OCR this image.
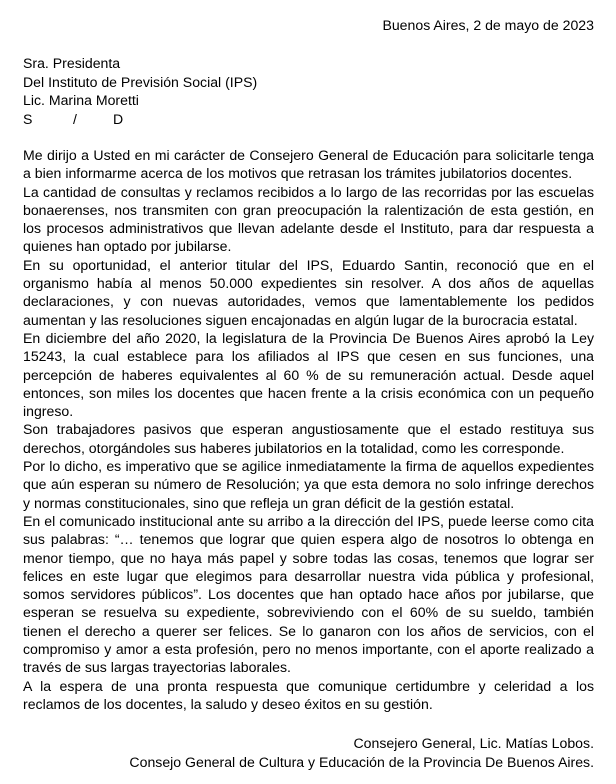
Buenos Aires, 2 de mayo de 2023
Sra. Presidenta
Del Instituto de Previsión Social (IPS)
Lic. Marina Moretti
S	/	D

Me dirijo a Usted en mi carácter de Consejero General de Educación para solicitarle tenga a bien informarme acerca de los motivos que retrasan los trámites jubilatorios docentes.

La cantidad de consultas y reclamos recibidos a lo largo de las recorridas por las escuelas bonaerenses, nos transmiten con gran preocupación la ralentización de esta gestión, en los procesos administrativos que llevan adelante desde el Instituto, para dar respuesta a quienes han optado por jubilarse.

En su oportunidad, el anterior titular del IPS, Eduardo Santin, reconoció que en el organismo había al menos 50.000 expedientes sin resolver. A dos años de aquellas declaraciones, y con nuevas autoridades, vemos que lamentablemente los pedidos aumentan y las resoluciones siguen encajonadas en algún lugar de la burocracia estatal.

En diciembre del año 2020, la legislatura de la Provincia De Buenos Aires aprobó la Ley 15243, la cual establece para los afiliados al IPS que cesen en sus funciones, una percepción de haberes equivalentes al 60 % de su remuneración actual. Desde aquel entonces, son miles los docentes que hacen frente a la crisis económica con un pequeño ingreso.

Son trabajadores pasivos que esperan angustiosamente que el estado restituya sus derechos, otorgándoles sus haberes jubilatorios en la totalidad, como les corresponde.

Por lo dicho, es imperativo que se agilice inmediatamente la firma de aquellos expedientes que aún esperan su número de Resolución; ya que esta demora no solo infringe derechos y normas constitucionales, sino que refleja un gran déficit de la gestión estatal.

En el comunicado institucional ante su arribo a la dirección del IPS, puede leerse como cita sus palabras: “… tenemos que lograr que quien espera algo de nosotros lo obtenga en menor tiempo, que no haya más papel y sobre todas las cosas, tenemos que lograr ser felices en este lugar que elegimos para desarrollar nuestra vida pública y profesional, somos servidores públicos”. Los docentes que han optado hace años por jubilarse, que esperan se resuelva su expediente, sobreviviendo con el 60% de su sueldo, también tienen el derecho a querer ser felices. Se lo ganaron con los años de servicios, con el compromiso y amor a esta profesión, pero no menos importante, con el aporte realizado a través de sus largas trayectorias laborales.

A la espera de una pronta respuesta que comunique certidumbre y celeridad a los reclamos de los docentes, la saludo y deseo éxitos en su gestión.

Consejero General, Lic. Matías Lobos.
Consejo General de Cultura y Educación de la Provincia De Buenos Aires.
